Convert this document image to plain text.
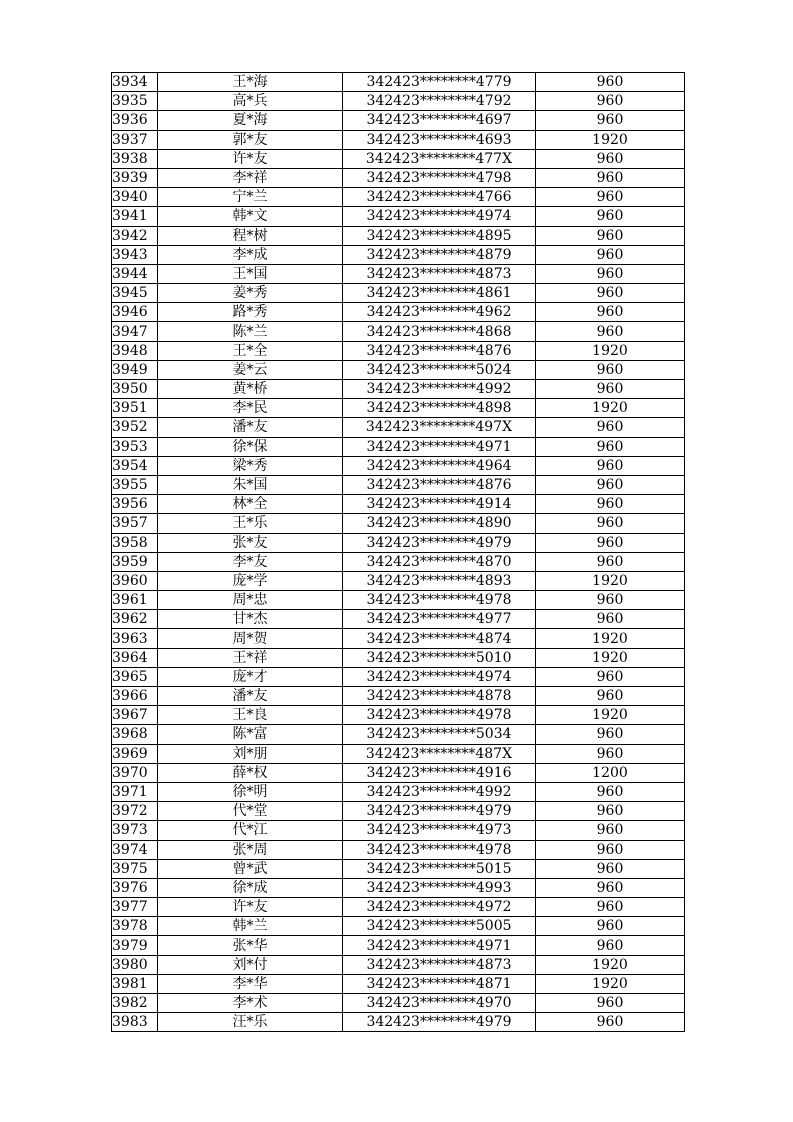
3934	王*海	342423********4779	960
3935	高*兵	342423********4792	960
3936	夏*海	342423********4697	960
3937	郭*友	342423********4693	1920
3938	许*友	342423********477X	960
3939	李*祥	342423********4798	960
3940	宁*兰	342423********4766	960
3941	韩*文	342423********4974	960
3942	程*树	342423********4895	960
3943	李*成	342423********4879	960
3944	王*国	342423********4873	960
3945	姜*秀	342423********4861	960
3946	路*秀	342423********4962	960
3947	陈*兰	342423********4868	960
3948	王*全	342423********4876	1920
3949	姜*云	342423********5024	960
3950	黄*桥	342423********4992	960
3951	李*民	342423********4898	1920
3952	潘*友	342423********497X	960
3953	徐*保	342423********4971	960
3954	梁*秀	342423********4964	960
3955	朱*国	342423********4876	960
3956	林*全	342423********4914	960
3957	王*乐	342423********4890	960
3958	张*友	342423********4979	960
3959	李*友	342423********4870	960
3960	庞*学	342423********4893	1920
3961	周*忠	342423********4978	960
3962	甘*杰	342423********4977	960
3963	周*贺	342423********4874	1920
3964	王*祥	342423********5010	1920
3965	庞*才	342423********4974	960
3966	潘*友	342423********4878	960
3967	王*良	342423********4978	1920
3968	陈*富	342423********5034	960
3969	刘*朋	342423********487X	960
3970	薛*权	342423********4916	1200
3971	徐*明	342423********4992	960
3972	代*堂	342423********4979	960
3973	代*江	342423********4973	960
3974	张*周	342423********4978	960
3975	曾*武	342423********5015	960
3976	徐*成	342423********4993	960
3977	许*友	342423********4972	960
3978	韩*兰	342423********5005	960
3979	张*华	342423********4971	960
3980	刘*付	342423********4873	1920
3981	李*华	342423********4871	1920
3982	李*术	342423********4970	960
3983	汪*乐	342423********4979	960
